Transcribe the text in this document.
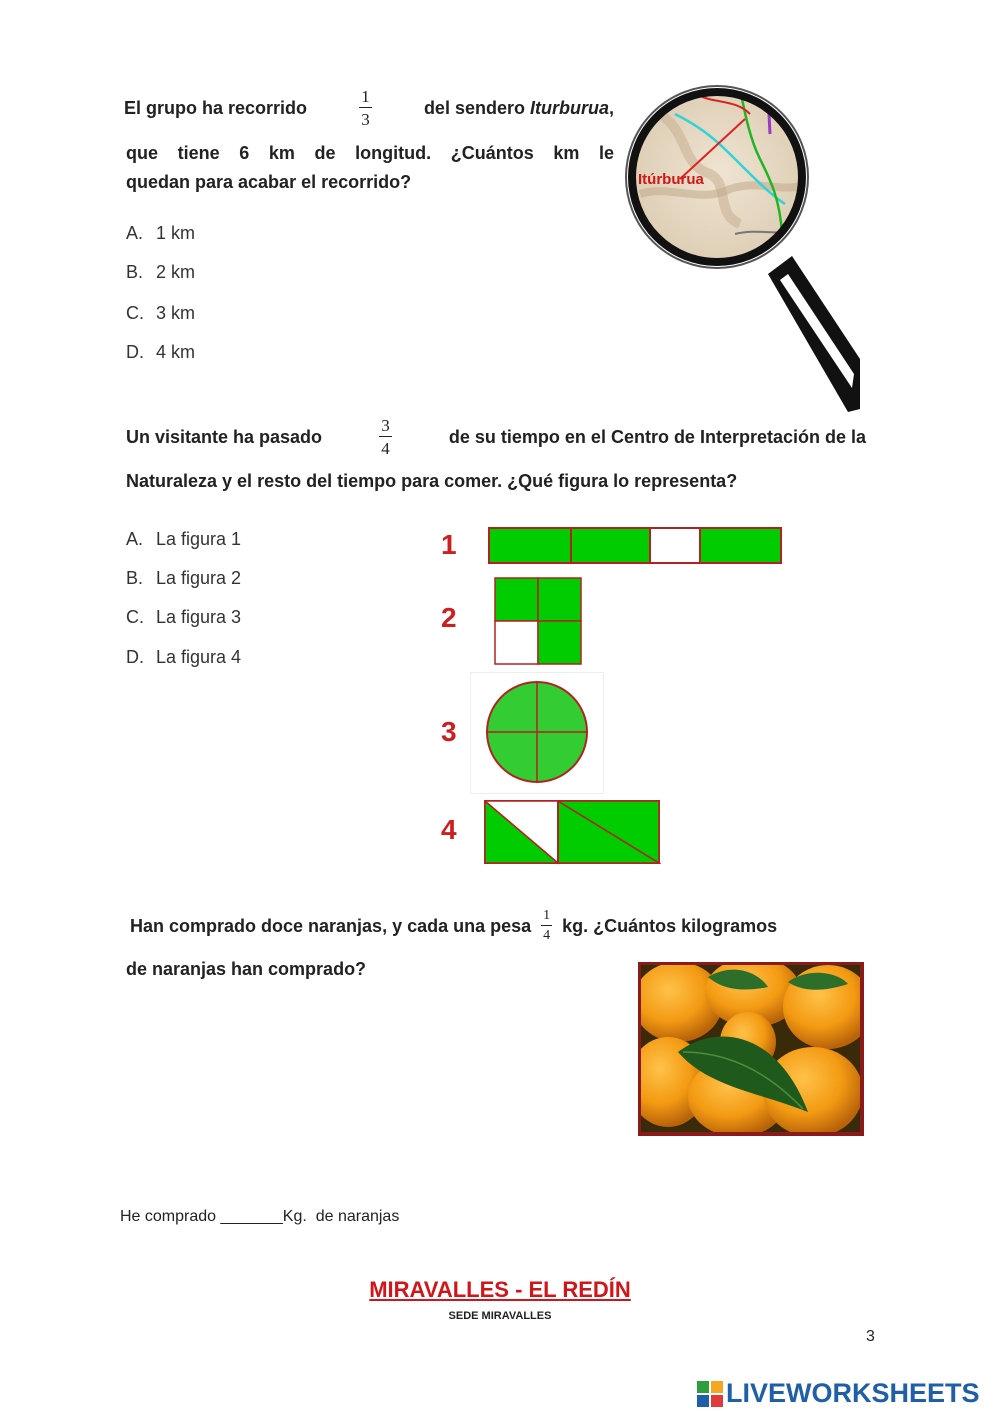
El grupo ha recorrido	$\frac{1}{3}$	del sendero Iturburua,
que tiene 6 km de longitud. ¿Cuántos km le
quedan para acabar el recorrido?
A. 1 km
B. 2 km
C. 3 km
D. 4 km
Itúrburua
Un visitante ha pasado	$\frac{3}{4}$	de su tiempo en el Centro de Interpretación de la
Naturaleza y el resto del tiempo para comer. ¿Qué figura lo representa?
A. La figura 1
B. La figura 2
C. La figura 3
D. La figura 4
1
2
3
4
Han comprado doce naranjas, y cada una pesa $\frac{1}{4}$ kg. ¿Cuántos kilogramos
de naranjas han comprado?
He comprado _______Kg.  de naranjas
MIRAVALLES - EL REDÍN
SEDE MIRAVALLES
3
LIVEWORKSHEETS
